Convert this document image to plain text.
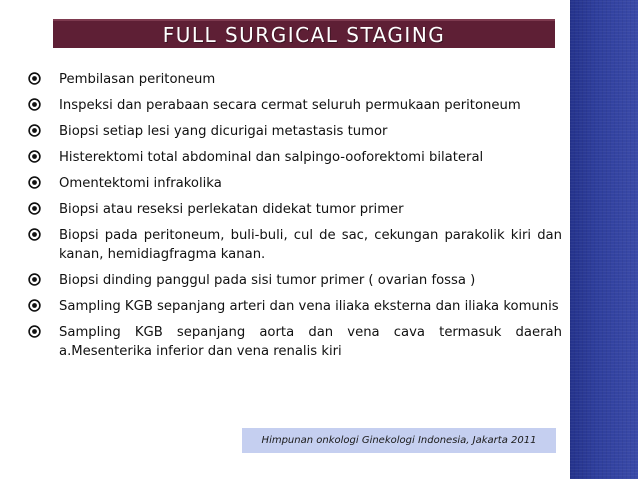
FULL SURGICAL STAGING
Pembilasan peritoneum
Inspeksi dan perabaan secara cermat seluruh permukaan peritoneum
Biopsi setiap lesi yang dicurigai metastasis tumor
Histerektomi total abdominal dan salpingo-ooforektomi bilateral
Omentektomi infrakolika
Biopsi atau reseksi perlekatan didekat tumor primer
Biopsi pada peritoneum, buli-buli, cul de sac, cekungan parakolik kiri dan kanan, hemidiagfragma kanan.
Biopsi dinding panggul pada sisi tumor primer ( ovarian fossa )
Sampling KGB sepanjang arteri dan vena iliaka eksterna dan iliaka komunis
Sampling KGB sepanjang aorta dan vena cava termasuk daerah a.Mesenterika inferior dan vena renalis kiri
Himpunan onkologi Ginekologi Indonesia, Jakarta 2011
